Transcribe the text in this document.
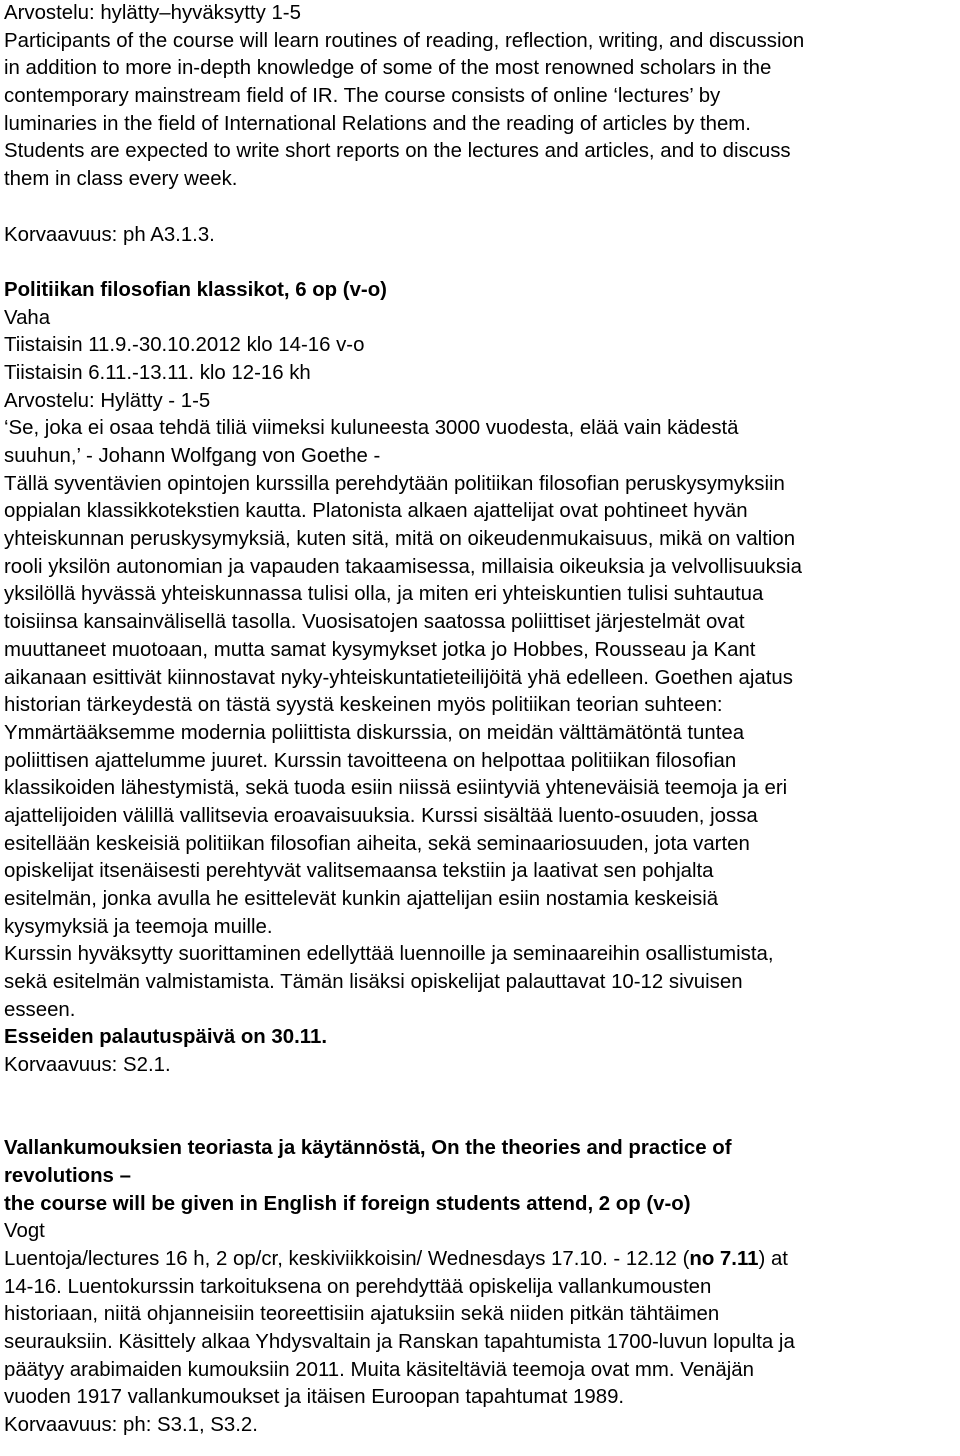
Arvostelu: hylätty–hyväksytty 1-5
Participants of the course will learn routines of reading, reflection, writing, and discussion
in addition to more in-depth knowledge of some of the most renowned scholars in the
contemporary mainstream field of IR. The course consists of online ‘lectures’ by
luminaries in the field of International Relations and the reading of articles by them.
Students are expected to write short reports on the lectures and articles, and to discuss
them in class every week.
Korvaavuus: ph A3.1.3.
Politiikan filosofian klassikot, 6 op (v-o)
Vaha
Tiistaisin 11.9.-30.10.2012 klo 14-16 v-o
Tiistaisin 6.11.-13.11. klo 12-16 kh
Arvostelu: Hylätty - 1-5
‘Se, joka ei osaa tehdä tiliä viimeksi kuluneesta 3000 vuodesta, elää vain kädestä
suuhun,’ - Johann Wolfgang von Goethe -
Tällä syventävien opintojen kurssilla perehdytään politiikan filosofian peruskysymyksiin
oppialan klassikkotekstien kautta. Platonista alkaen ajattelijat ovat pohtineet hyvän
yhteiskunnan peruskysymyksiä, kuten sitä, mitä on oikeudenmukaisuus, mikä on valtion
rooli yksilön autonomian ja vapauden takaamisessa, millaisia oikeuksia ja velvollisuuksia
yksilöllä hyvässä yhteiskunnassa tulisi olla, ja miten eri yhteiskuntien tulisi suhtautua
toisiinsa kansainvälisellä tasolla. Vuosisatojen saatossa poliittiset järjestelmät ovat
muuttaneet muotoaan, mutta samat kysymykset jotka jo Hobbes, Rousseau ja Kant
aikanaan esittivät kiinnostavat nyky-yhteiskuntatieteilijöitä yhä edelleen. Goethen ajatus
historian tärkeydestä on tästä syystä keskeinen myös politiikan teorian suhteen:
Ymmärtääksemme modernia poliittista diskurssia, on meidän välttämätöntä tuntea
poliittisen ajattelumme juuret. Kurssin tavoitteena on helpottaa politiikan filosofian
klassikoiden lähestymistä, sekä tuoda esiin niissä esiintyviä yhteneväisiä teemoja ja eri
ajattelijoiden välillä vallitsevia eroavaisuuksia. Kurssi sisältää luento-osuuden, jossa
esitellään keskeisiä politiikan filosofian aiheita, sekä seminaariosuuden, jota varten
opiskelijat itsenäisesti perehtyvät valitsemaansa tekstiin ja laativat sen pohjalta
esitelmän, jonka avulla he esittelevät kunkin ajattelijan esiin nostamia keskeisiä
kysymyksiä ja teemoja muille.
Kurssin hyväksytty suorittaminen edellyttää luennoille ja seminaareihin osallistumista,
sekä esitelmän valmistamista. Tämän lisäksi opiskelijat palauttavat 10-12 sivuisen
esseen.
Esseiden palautuspäivä on 30.11.
Korvaavuus: S2.1.
Vallankumouksien teoriasta ja käytännöstä, On the theories and practice of
revolutions –
the course will be given in English if foreign students attend, 2 op (v-o)
Vogt
Luentoja/lectures 16 h, 2 op/cr, keskiviikkoisin/ Wednesdays 17.10. - 12.12 (no 7.11) at
14-16. Luentokurssin tarkoituksena on perehdyttää opiskelija vallankumousten
historiaan, niitä ohjanneisiin teoreettisiin ajatuksiin sekä niiden pitkän tähtäimen
seurauksiin. Käsittely alkaa Yhdysvaltain ja Ranskan tapahtumista 1700-luvun lopulta ja
päätyy arabimaiden kumouksiin 2011. Muita käsiteltäviä teemoja ovat mm. Venäjän
vuoden 1917 vallankumoukset ja itäisen Euroopan tapahtumat 1989.
Korvaavuus: ph: S3.1, S3.2.
